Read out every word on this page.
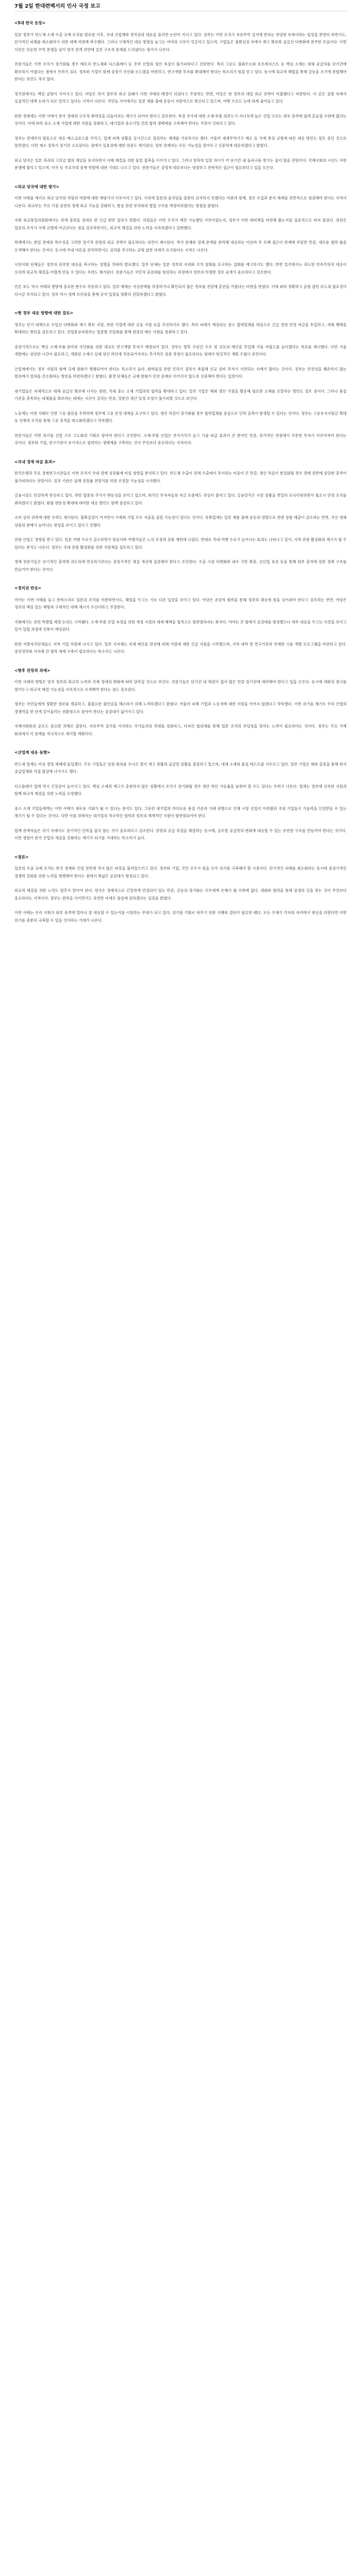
7월 2일 한대련백서의 민사 국정 보고
<5대 한국 등장>

일본 정부가 반도체 소재 수출 규제 조치를 발표한 이후, 국내 산업계와 정치권의 대응을 둘러싼 논란이 커지고 있다. 정부는 이번 조치가 자유무역 질서에 반하는 부당한 보복이라는 입장을 분명히 하면서도, 단기적인 피해를 최소화하기 위한 대책 마련에 착수했다. 그러나 구체적인 대응 방향을 놓고는 여야의 시각이 엇갈리고 있으며, 기업들은 불확실성 속에서 재고 확보와 공급선 다변화에 분주한 모습이다. 이번 사안은 단순한 무역 분쟁을 넘어 양국 관계 전반에 걸친 구조적 문제를 드러냈다는 평가가 나온다.

전문가들은 이번 조치가 장기화될 경우 메모리 반도체와 디스플레이 등 주력 산업의 생산 차질이 불가피하다고 진단한다. 특히 고순도 불화수소와 포토레지스트 등 핵심 소재는 대체 공급처를 단기간에 확보하기 어렵다는 점에서 우려가 크다. 정부와 기업이 함께 중장기 국산화 로드맵을 마련하고, 연구개발 투자를 확대해야 한다는 목소리가 힘을 얻고 있다. 동시에 외교적 해법을 통해 갈등을 조기에 봉합해야 한다는 의견도 적지 않다.

정치권에서는 책임 공방이 이어지고 있다. 여당은 과거 정부의 외교 실패가 이번 사태의 배경이 되었다고 주장하는 반면, 야당은 현 정부의 대일 외교 전략이 미흡했다고 비판한다. 이 같은 공방 속에서 실질적인 대책 논의가 뒤로 밀리고 있다는 지적이 나온다. 국민들 사이에서는 일본 제품 불매 운동이 자발적으로 확산되고 있으며, 여행 수요도 눈에 띄게 줄어들고 있다.

한편 경제계는 이번 사태가 한국 경제의 구조적 취약성을 되돌아보는 계기가 되어야 한다고 강조한다. 특정 국가에 대한 소재·부품 의존도가 지나치게 높은 산업 구조는 외부 충격에 쉽게 흔들릴 수밖에 없다는 것이다. 이에 따라 중소 소재 기업에 대한 지원을 강화하고, 대기업과 중소기업 간의 협력 생태계를 구축해야 한다는 주문이 잇따르고 있다.

정부는 관계부처 합동으로 대응 태스크포스를 꾸리고, 업계 피해 상황을 실시간으로 점검하는 체계를 가동하기로 했다. 아울러 세계무역기구 제소 등 국제 통상 규범에 따른 대응 방안도 검토 중인 것으로 알려졌다. 다만 제소 절차가 장기간 소요된다는 점에서 실효성에 대한 의문도 제기된다. 정부 관계자는 모든 가능성을 열어두고 신중하게 대응하겠다고 밝혔다.

외교 당국은 일본 측과의 고위급 협의 채널을 유지하면서 사태 해결을 위한 물밑 접촉을 이어가고 있다. 그러나 양측의 입장 차이가 커 단기간 내 돌파구를 찾기는 쉽지 않을 전망이다. 국제사회의 시선도 이번 분쟁에 쏠리고 있으며, 미국 등 주요국의 중재 역할에 대한 기대도 나오고 있다. 전문가들은 감정적 대응보다는 냉정하고 전략적인 접근이 필요하다고 입을 모은다.

<외교 당국에 대한 평가>

이번 사태를 계기로 외교 당국의 역할과 역량에 대한 재평가가 이루어지고 있다. 사전에 일본의 움직임을 충분히 감지하지 못했다는 비판과 함께, 정보 수집과 분석 체계를 전면적으로 점검해야 한다는 지적이 나온다. 외교부는 주요 거점 공관의 경제 외교 기능을 강화하고, 통상 관련 부처와의 협업 구조를 재정비하겠다는 방침을 밝혔다.

국회 외교통일위원회에서는 관계 장관을 상대로 한 긴급 현안 질의가 열렸다. 의원들은 이번 조치가 예견 가능했던 사안이었는지, 정부가 어떤 대비책을 마련해 왔는지를 집중적으로 따져 물었다. 장관은 일본의 조치가 국제 규범에 어긋난다는 점을 강조하면서도, 외교적 해결을 위한 노력을 지속하겠다고 답변했다.

학계에서는 한일 관계의 특수성을 고려한 장기적 관점의 외교 전략이 필요하다는 의견이 제시된다. 역사 문제와 경제 문제를 분리해 대응하는 이른바 투 트랙 접근이 한계에 부딪힌 만큼, 새로운 협력 틀을 모색해야 한다는 것이다. 동시에 국내 여론을 관리하면서도 실리를 추구하는 균형 잡힌 자세가 요구된다는 지적도 나온다.

시민사회 단체들은 정부의 단호한 대응을 촉구하는 성명을 잇따라 발표했다. 일부 단체는 일본 정부의 사과와 조치 철회를 요구하는 집회를 예고하기도 했다. 반면 일각에서는 과도한 민족주의적 대응이 오히려 외교적 해결을 어렵게 만들 수 있다는 우려도 제기된다. 전문가들은 국민적 공감대를 형성하는 과정에서 정부의 투명한 정보 공개가 중요하다고 강조한다.

언론 보도 역시 사태의 향방에 중요한 변수로 작용하고 있다. 일부 매체는 사실관계를 과장하거나 확인되지 않은 정보를 전달해 혼란을 키웠다는 비판을 받았다. 이에 따라 정확하고 균형 잡힌 보도의 필요성이 다시금 부각되고 있다. 정부 역시 정례 브리핑을 통해 공식 입장을 명확히 전달하겠다고 밝혔다.

<현 정부 대응 방향에 대한 검토>

정부는 단기 대책으로 수입선 다변화와 재고 확보 지원, 관련 기업에 대한 금융 지원 등을 추진하기로 했다. 특히 피해가 예상되는 중소 협력업체를 대상으로 긴급 경영 안정 자금을 투입하고, 세제 혜택을 확대하는 방안을 검토하고 있다. 산업통상자원부는 업종별 간담회를 통해 현장의 애로 사항을 청취하고 있다.

중장기적으로는 핵심 소재·부품·장비의 국산화를 위한 대규모 연구개발 투자가 예정되어 있다. 정부는 향후 수년간 수조 원 규모의 예산을 투입해 기술 자립도를 높이겠다는 목표를 제시했다. 다만 기술 개발에는 상당한 시간이 필요하고, 개발된 소재가 실제 양산 라인에 적용되기까지는 추가적인 검증 과정이 필요하다는 점에서 현실적인 계획 수립이 관건이다.

산업계에서는 정부 지원과 함께 규제 완화가 병행되어야 한다는 목소리가 높다. 화학물질 관련 인허가 절차가 복잡해 신규 설비 투자가 지연되는 사례가 많다는 것이다. 정부는 안전성을 훼손하지 않는 범위에서 절차를 간소화하는 방안을 마련하겠다고 밝혔다. 환경 단체들은 규제 완화가 안전 문제로 이어지지 않도록 신중해야 한다는 입장이다.

대기업들은 자체적으로 대체 공급선 확보에 나서는 한편, 국내 중소 소재 기업과의 협력을 확대하고 있다. 일부 기업은 해외 생산 거점을 활용해 필요한 소재를 조달하는 방안도 검토 중이다. 그러나 품질 기준을 충족하는 대체품을 확보하는 데에는 시간이 걸리는 만큼, 당분간 생산 일정 조정이 불가피할 것으로 보인다.

노동계는 이번 사태로 인한 고용 불안을 우려하며 정부에 고용 안정 대책을 요구하고 있다. 생산 차질이 장기화될 경우 협력업체를 중심으로 인력 감축이 발생할 수 있다는 것이다. 정부는 고용유지지원금 확대 등 선제적 조치를 통해 고용 충격을 최소화하겠다고 약속했다.

전문가들은 이번 위기를 산업 구조 고도화의 기회로 삼아야 한다고 조언한다. 소재·부품 산업은 부가가치가 높고 기술 파급 효과가 큰 분야인 만큼, 장기적인 관점에서 꾸준한 투자가 이루어져야 한다는 것이다. 정부와 기업, 연구기관이 유기적으로 협력하는 생태계를 구축하는 것이 무엇보다 중요하다는 지적이다.

<국내 경제 파급 효과>

한국은행과 주요 경제연구기관들은 이번 조치가 국내 경제 성장률에 미칠 영향을 분석하고 있다. 반도체 수출이 전체 수출에서 차지하는 비중이 큰 만큼, 생산 차질이 현실화될 경우 경제 전반에 상당한 충격이 불가피하다는 전망이다. 일부 기관은 올해 성장률 전망치를 하향 조정할 가능성을 시사했다.

금융시장도 민감하게 반응하고 있다. 관련 업종의 주가가 변동성을 보이고 있으며, 외국인 투자자들의 자금 흐름에도 관심이 쏠리고 있다. 금융당국은 시장 상황을 면밀히 모니터링하면서 필요시 안정 조치를 취하겠다고 밝혔다. 환율 변동성 확대에 대비한 대응 방안도 함께 점검하고 있다.

소비 심리 위축에 대한 우려도 제기된다. 불확실성이 커지면서 가계와 기업 모두 지출을 줄일 가능성이 있다는 것이다. 유통업계는 일본 제품 불매 운동의 영향으로 관련 상품 매출이 감소하는 반면, 국산 대체 상품의 판매가 늘어나는 현상을 보이고 있다고 전했다.

관광 산업도 영향을 받고 있다. 일본 여행 수요가 감소하면서 항공사와 여행사들은 노선 조정과 상품 재편에 나섰다. 반대로 국내 여행 수요가 늘어나는 효과도 나타나고 있어, 지역 관광 활성화의 계기가 될 수 있다는 분석도 나온다. 정부는 국내 관광 활성화를 위한 지원책을 검토하고 있다.

경제 전문가들은 단기적인 충격에 과도하게 반응하기보다는 중장기적인 체질 개선에 집중해야 한다고 조언한다. 수출 시장 다변화와 내수 기반 확충, 신산업 육성 등을 통해 외부 충격에 강한 경제 구조를 만들어야 한다는 것이다.

<정치권 반응>

여야는 이번 사태를 놓고 한목소리로 일본의 조치를 비판하면서도, 해법을 두고는 서로 다른 입장을 보이고 있다. 여당은 초당적 협력을 통해 정부의 대응에 힘을 실어줘야 한다고 강조하는 반면, 야당은 정부의 책임 있는 해명과 구체적인 대책 제시가 우선이라고 주장한다.

국회에서는 관련 특별법 제정 논의도 시작됐다. 소재·부품 산업 육성을 위한 재정 지원과 세제 혜택을 법적으로 뒷받침하자는 취지다. 여야는 큰 틀에서 공감대를 형성했으나 세부 내용을 두고는 이견을 보이고 있어 입법 과정에 진통이 예상된다.

한편 지방자치단체들도 지역 기업 지원에 나서고 있다. 일부 지자체는 자체 예산을 편성해 피해 기업에 대한 긴급 지원을 시작했으며, 지역 대학 및 연구기관과 연계한 기술 개발 프로그램을 마련하고 있다. 중앙정부와 지자체 간 협력 체계 구축이 필요하다는 목소리도 나온다.

<향후 전망과 과제>

이번 사태의 향방은 양국 정부의 외교적 노력과 국제 정세의 변화에 따라 달라질 것으로 보인다. 전문가들은 단기간 내 해결이 쉽지 않은 만큼 장기전에 대비해야 한다고 입을 모은다. 동시에 대화의 창구를 열어두고 외교적 해결 가능성을 지속적으로 모색해야 한다는 점도 강조된다.

정부는 국민들에게 정확한 정보를 제공하고, 불필요한 불안감을 해소하기 위해 노력하겠다고 밝혔다. 아울러 피해 기업과 노동자에 대한 지원을 아끼지 않겠다고 약속했다. 이번 위기를 계기로 우리 산업의 경쟁력을 한 단계 끌어올리는 전환점으로 삼아야 한다는 공감대가 넓어지고 있다.

국제사회와의 공조도 중요한 과제로 꼽힌다. 자유무역 질서를 지지하는 국가들과의 연대를 강화하고, 다자간 협의체를 통해 일본 조치의 부당성을 알리는 노력이 필요하다는 것이다. 정부는 주요 국제 회의에서 이 문제를 적극적으로 제기할 계획이다.

<산업계 대응 동향>

반도체 업계는 비상 경영 체제에 돌입했다. 주요 기업들은 임원 회의를 수시로 열어 재고 현황과 공급망 상황을 점검하고 있으며, 대체 소재의 품질 테스트를 서두르고 있다. 일부 기업은 해외 출장을 통해 현지 공급업체와 직접 협상에 나서기도 했다.

디스플레이 업계 역시 긴장감이 높아지고 있다. 핵심 소재의 재고가 충분하지 않은 상황에서 조치가 장기화될 경우 생산 라인 가동률을 낮춰야 할 수도 있다는 우려가 나온다. 업계는 정부에 신속한 지원과 함께 외교적 해결을 위한 노력을 요청했다.

중소 소재 기업들에게는 이번 사태가 새로운 기회가 될 수 있다는 분석도 있다. 그동안 대기업의 까다로운 품질 기준과 거래 관행으로 인해 시장 진입이 어려웠던 국내 기업들이 기술력을 인정받을 수 있는 계기가 될 수 있다는 것이다. 다만 이를 위해서는 대기업의 적극적인 협력과 정부의 체계적인 지원이 뒷받침되어야 한다.

업계 관계자들은 위기 속에서도 장기적인 안목을 잃지 않는 것이 중요하다고 강조한다. 당장의 공급 차질을 해결하는 동시에, 글로벌 공급망의 변화에 대응할 수 있는 유연한 구조를 만들어야 한다는 것이다. 이번 경험이 한국 산업의 체질을 강화하는 계기가 되기를 기대하는 목소리가 높다.

<결론>

일본의 수출 규제 조치는 한국 경제와 산업 전반에 적지 않은 파장을 불러일으키고 있다. 정부와 기업, 국민 모두가 힘을 모아 위기를 극복해야 할 시점이다. 단기적인 피해를 최소화하는 동시에 중장기적인 경쟁력 강화를 위한 노력을 병행해야 한다는 점에서 폭넓은 공감대가 형성되고 있다.

외교적 해결을 위한 노력도 멈추지 말아야 한다. 양국은 경제적으로 긴밀하게 연결되어 있는 만큼, 갈등의 장기화는 모두에게 손해가 될 수밖에 없다. 대화와 협력을 통해 상생의 길을 찾는 것이 무엇보다 중요하다는 지적이다. 정부는 원칙을 지키면서도 유연한 자세로 협상에 임하겠다는 입장을 밝혔다.

이번 사태는 우리 사회가 외부 충격에 얼마나 잘 대응할 수 있는지를 시험하는 무대가 되고 있다. 위기를 기회로 바꾸기 위한 지혜와 결단이 필요한 때다. 모든 주체가 각자의 자리에서 최선을 다한다면 이번 위기를 충분히 극복할 수 있을 것이라는 기대가 나온다.
